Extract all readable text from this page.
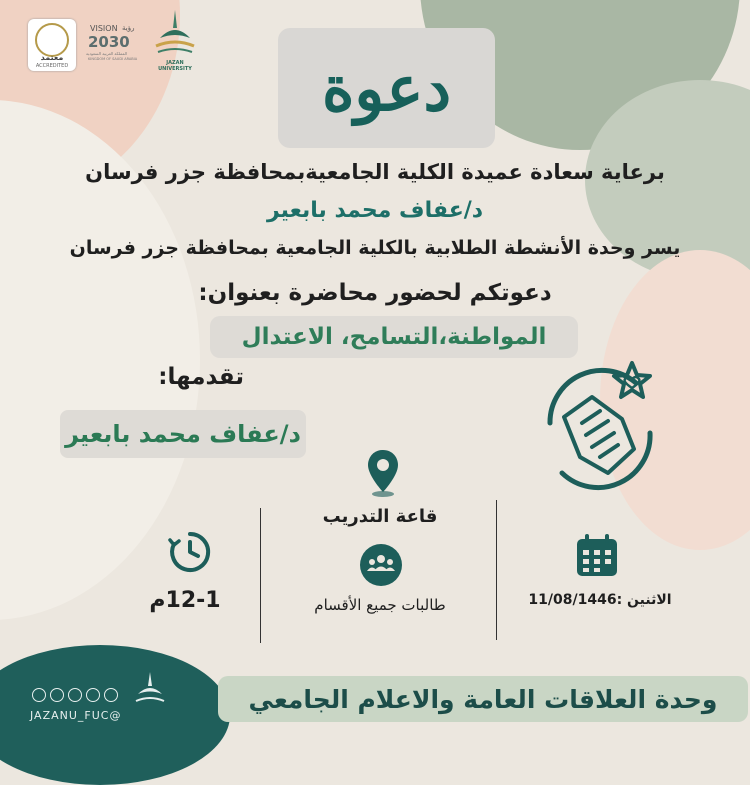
معتمد
ACCREDITED
VISION رؤية
2030
المملكة العربية السعودية
KINGDOM OF SAUDI ARABIA
JAZAN UNIVERSITY دعوة
برعاية سعادة عميدة الكلية الجامعيةبمحافظة جزر فرسان
د/عفاف محمد بابعير
يسر وحدة الأنشطة الطلابية بالكلية الجامعية بمحافظة جزر فرسان
دعوتكم لحضور محاضرة بعنوان:
المواطنة،التسامح، الاعتدال
تقدمها:
د/عفاف محمد بابعير
قاعة التدريب
طالبات جميع الأقسام
12-1م	الاثنين :11/08/1446
JAZANU_FUC@
وحدة العلاقات العامة والاعلام الجامعي
